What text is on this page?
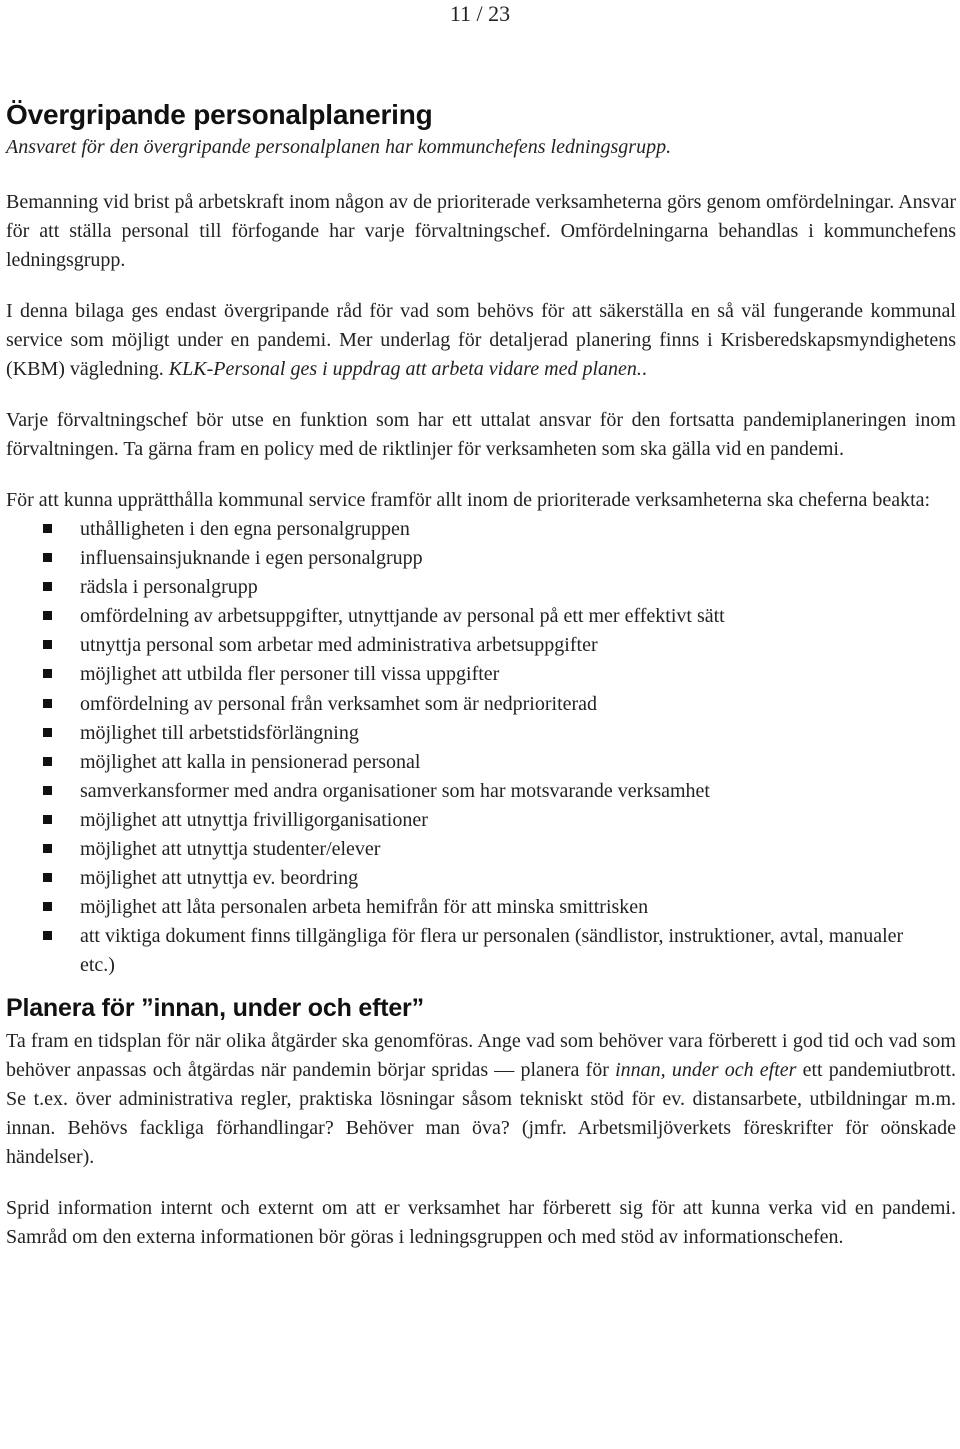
11 / 23
Övergripande personalplanering

Ansvaret för den övergripande personalplanen har kommunchefens ledningsgrupp.

Bemanning vid brist på arbetskraft inom någon av de prioriterade verksamheterna görs genom omfördelningar. Ansvar för att ställa personal till förfogande har varje förvaltningschef. Omfördelningarna behandlas i kommunchefens ledningsgrupp.

I denna bilaga ges endast övergripande råd för vad som behövs för att säkerställa en så väl fungerande kommunal service som möjligt under en pandemi. Mer underlag för detaljerad planering finns i Krisberedskapsmyndighetens (KBM) vägledning. KLK-Personal ges i uppdrag att arbeta vidare med planen..

Varje förvaltningschef bör utse en funktion som har ett uttalat ansvar för den fortsatta pandemiplaneringen inom förvaltningen. Ta gärna fram en policy med de riktlinjer för verksamheten som ska gälla vid en pandemi.

För att kunna upprätthålla kommunal service framför allt inom de prioriterade verksamheterna ska cheferna beakta:

uthålligheten i den egna personalgruppen
influensainsjuknande i egen personalgrupp
rädsla i personalgrupp
omfördelning av arbetsuppgifter, utnyttjande av personal på ett mer effektivt sätt
utnyttja personal som arbetar med administrativa arbetsuppgifter
möjlighet att utbilda fler personer till vissa uppgifter
omfördelning av personal från verksamhet som är nedprioriterad
möjlighet till arbetstidsförlängning
möjlighet att kalla in pensionerad personal
samverkansformer med andra organisationer som har motsvarande verksamhet
möjlighet att utnyttja frivilligorganisationer
möjlighet att utnyttja studenter/elever
möjlighet att utnyttja ev. beordring
möjlighet att låta personalen arbeta hemifrån för att minska smittrisken
att viktiga dokument finns tillgängliga för flera ur personalen (sändlistor, instruktioner, avtal, manualer etc.)
Planera för ”innan, under och efter”

Ta fram en tidsplan för när olika åtgärder ska genomföras. Ange vad som behöver vara förberett i god tid och vad som behöver anpassas och åtgärdas när pandemin börjar spridas — planera för innan, under och efter ett pandemiutbrott. Se t.ex. över administrativa regler, praktiska lösningar såsom tekniskt stöd för ev. distansarbete, utbildningar m.m. innan. Behövs fackliga förhandlingar? Behöver man öva? (jmfr. Arbetsmiljöverkets föreskrifter för oönskade händelser).

Sprid information internt och externt om att er verksamhet har förberett sig för att kunna verka vid en pandemi. Samråd om den externa informationen bör göras i ledningsgruppen och med stöd av informationschefen.
